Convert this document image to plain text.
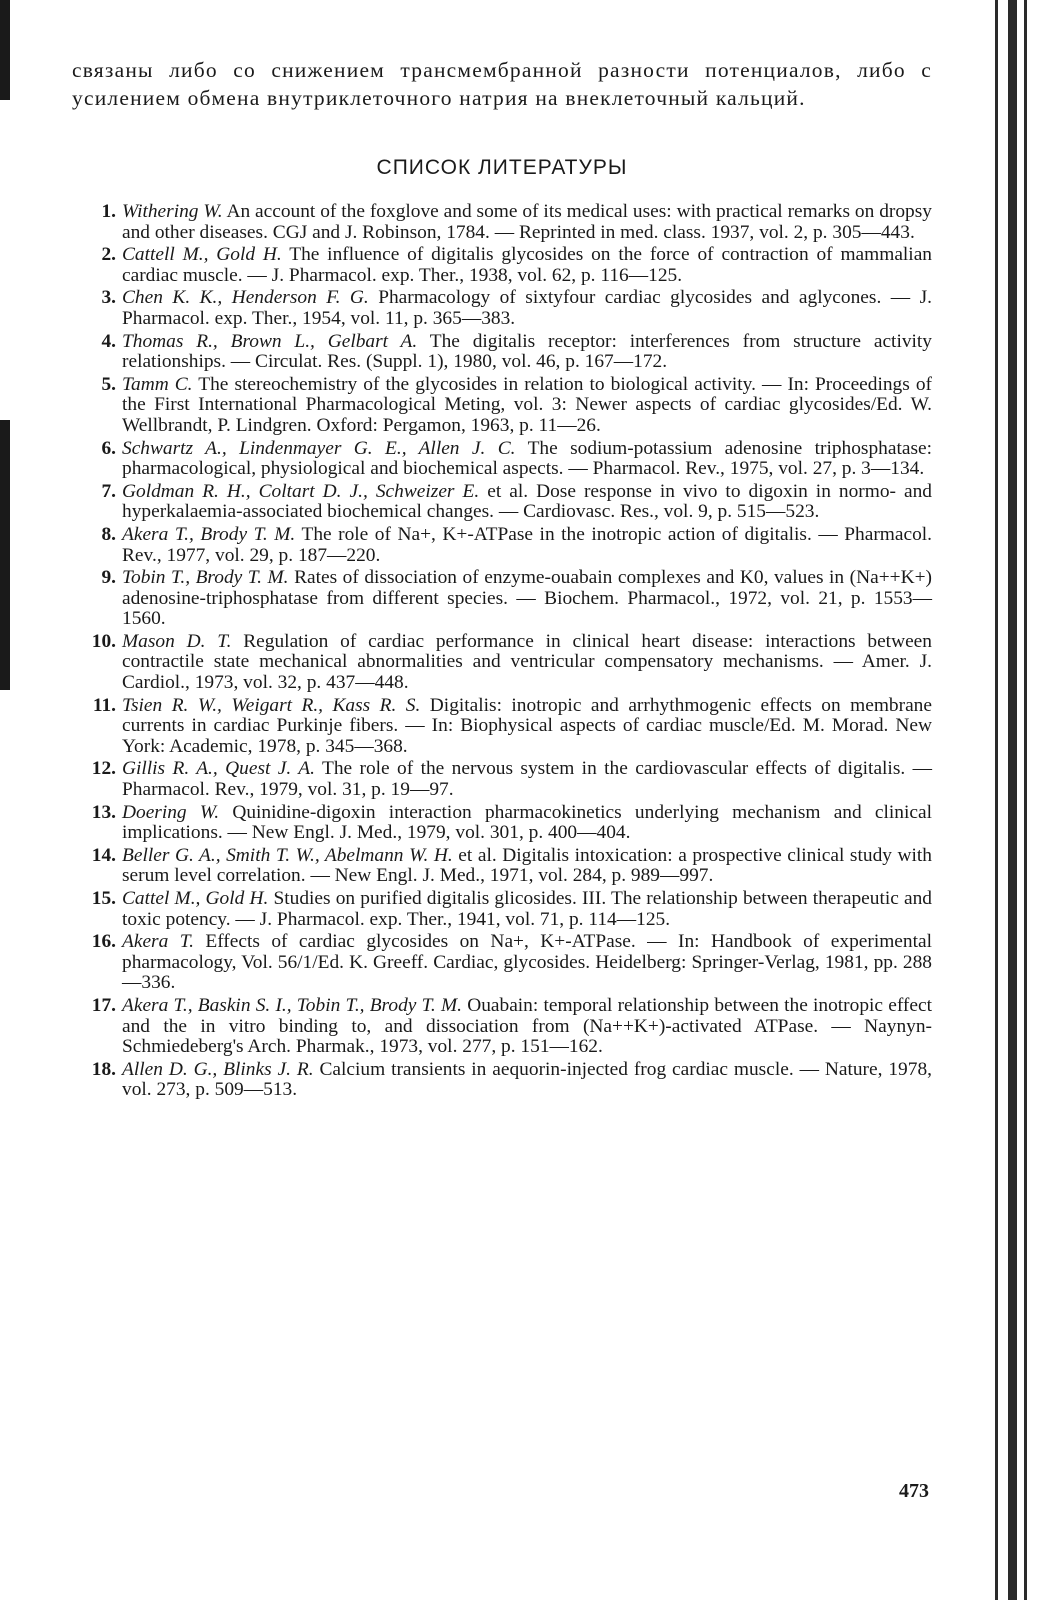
связаны либо со снижением трансмембранной разности потенциалов, либо с усилением обмена внутриклеточного натрия на внеклеточный кальций.

СПИСОК ЛИТЕРАТУРЫ
1. Withering W. An account of the foxglove and some of its medical uses: with practical remarks on dropsy and other diseases. CGJ and J. Robinson, 1784. — Reprinted in med. class. 1937, vol. 2, p. 305—443.
2. Cattell M., Gold H. The influence of digitalis glycosides on the force of contraction of mammalian cardiac muscle. — J. Pharmacol. exp. Ther., 1938, vol. 62, p. 116—125.
3. Chen K. K., Henderson F. G. Pharmacology of sixtyfour cardiac glycosides and aglycones. — J. Pharmacol. exp. Ther., 1954, vol. 11, p. 365—383.
4. Thomas R., Brown L., Gelbart A. The digitalis receptor: interferences from structure activity relationships. — Circulat. Res. (Suppl. 1), 1980, vol. 46, p. 167—172.
5. Tamm C. The stereochemistry of the glycosides in relation to biological activity. — In: Proceedings of the First International Pharmacological Meting, vol. 3: Newer aspects of cardiac glycosides/Ed. W. Wellbrandt, P. Lindgren. Oxford: Pergamon, 1963, p. 11—26.
6. Schwartz A., Lindenmayer G. E., Allen J. C. The sodium-potassium adenosine triphosphatase: pharmacological, physiological and biochemical aspects. — Pharmacol. Rev., 1975, vol. 27, p. 3—134.
7. Goldman R. H., Coltart D. J., Schweizer E. et al. Dose response in vivo to digoxin in normo- and hyperkalaemia-associated biochemical changes. — Cardiovasc. Res., vol. 9, p. 515—523.
8. Akera T., Brody T. M. The role of Na+, K+-ATPase in the inotropic action of digitalis. — Pharmacol. Rev., 1977, vol. 29, p. 187—220.
9. Tobin T., Brody T. M. Rates of dissociation of enzyme-ouabain complexes and K0, values in (Na++K+) adenosine-triphosphatase from different species. — Biochem. Pharmacol., 1972, vol. 21, p. 1553—1560.
10. Mason D. T. Regulation of cardiac performance in clinical heart disease: interactions between contractile state mechanical abnormalities and ventricular compensatory mechanisms. — Amer. J. Cardiol., 1973, vol. 32, p. 437—448.
11. Tsien R. W., Weigart R., Kass R. S. Digitalis: inotropic and arrhythmogenic effects on membrane currents in cardiac Purkinje fibers. — In: Biophysical aspects of cardiac muscle/Ed. M. Morad. New York: Academic, 1978, p. 345—368.
12. Gillis R. A., Quest J. A. The role of the nervous system in the cardiovascular effects of digitalis. — Pharmacol. Rev., 1979, vol. 31, p. 19—97.
13. Doering W. Quinidine-digoxin interaction pharmacokinetics underlying mechanism and clinical implications. — New Engl. J. Med., 1979, vol. 301, p. 400—404.
14. Beller G. A., Smith T. W., Abelmann W. H. et al. Digitalis intoxication: a prospective clinical study with serum level correlation. — New Engl. J. Med., 1971, vol. 284, p. 989—997.
15. Cattel M., Gold H. Studies on purified digitalis glicosides. III. The relationship between therapeutic and toxic potency. — J. Pharmacol. exp. Ther., 1941, vol. 71, p. 114—125.
16. Akera T. Effects of cardiac glycosides on Na+, K+-ATPase. — In: Handbook of experimental pharmacology, Vol. 56/1/Ed. K. Greeff. Cardiac, glycosides. Heidelberg: Springer-Verlag, 1981, pp. 288—336.
17. Akera T., Baskin S. I., Tobin T., Brody T. M. Ouabain: temporal relationship between the inotropic effect and the in vitro binding to, and dissociation from (Na++K+)-activated ATPase. — Naynyn-Schmiedeberg's Arch. Pharmak., 1973, vol. 277, p. 151—162.
18. Allen D. G., Blinks J. R. Calcium transients in aequorin-injected frog cardiac muscle. — Nature, 1978, vol. 273, p. 509—513.
473
